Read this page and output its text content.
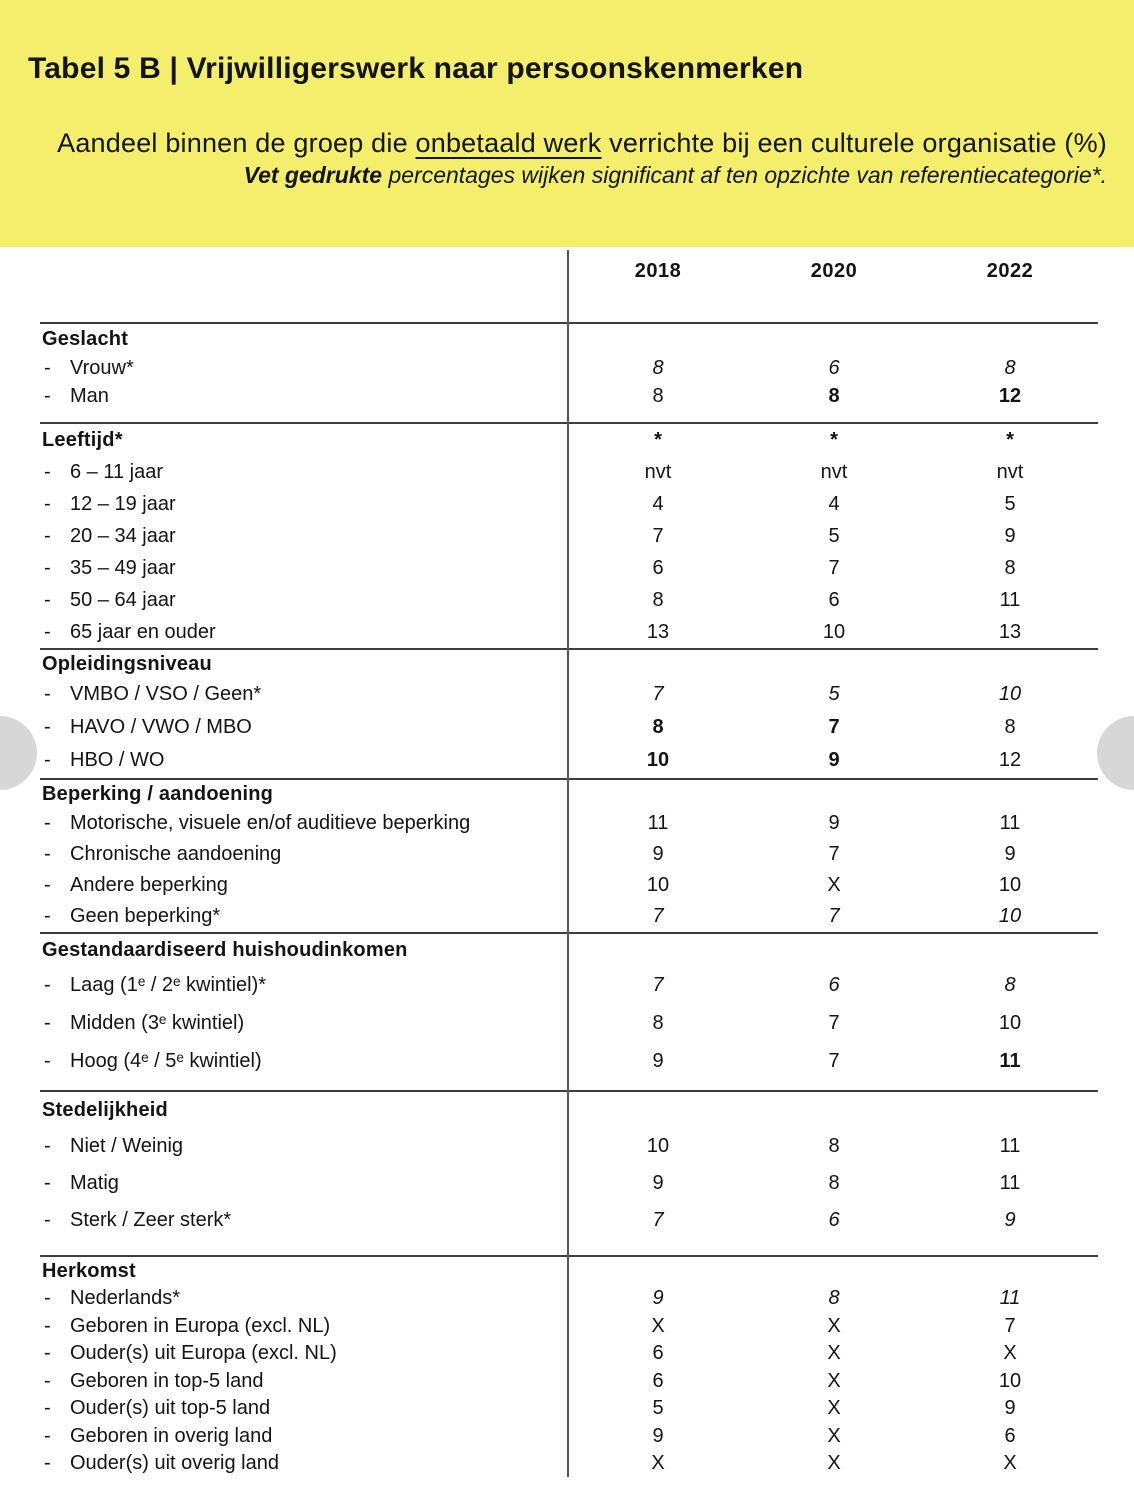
Tabel 5 B | Vrijwilligerswerk naar persoonskenmerken
Aandeel binnen de groep die onbetaald werk verrichte bij een culturele organisatie (%)
Vet gedrukte percentages wijken significant af ten opzichte van referentiecategorie*.
2018	2020	2022
Geslacht
- Vrouw*	8	6	8
- Man	8	8	12
Leeftijd*	*	*	*
- 6 – 11 jaar	nvt	nvt	nvt
- 12 – 19 jaar	4	4	5
- 20 – 34 jaar	7	5	9
- 35 – 49 jaar	6	7	8
- 50 – 64 jaar	8	6	11
- 65 jaar en ouder	13	10	13
Opleidingsniveau
- VMBO / VSO / Geen*	7	5	10
- HAVO / VWO / MBO	8	7	8
- HBO / WO	10	9	12
Beperking / aandoening
- Motorische, visuele en/of auditieve beperking	11	9	11
- Chronische aandoening	9	7	9
- Andere beperking	10	X	10
- Geen beperking*	7	7	10
Gestandaardiseerd huishoudinkomen
- Laag (1ᵉ / 2ᵉ kwintiel)*	7	6	8
- Midden (3ᵉ kwintiel)	8	7	10
- Hoog (4ᵉ / 5ᵉ kwintiel)	9	7	11
Stedelijkheid
- Niet / Weinig	10	8	11
- Matig	9	8	11
- Sterk / Zeer sterk*	7	6	9
Herkomst
- Nederlands*	9	8	11
- Geboren in Europa (excl. NL)	X	X	7
- Ouder(s) uit Europa (excl. NL)	6	X	X
- Geboren in top-5 land	6	X	10
- Ouder(s) uit top-5 land	5	X	9
- Geboren in overig land	9	X	6
- Ouder(s) uit overig land	X	X	X
